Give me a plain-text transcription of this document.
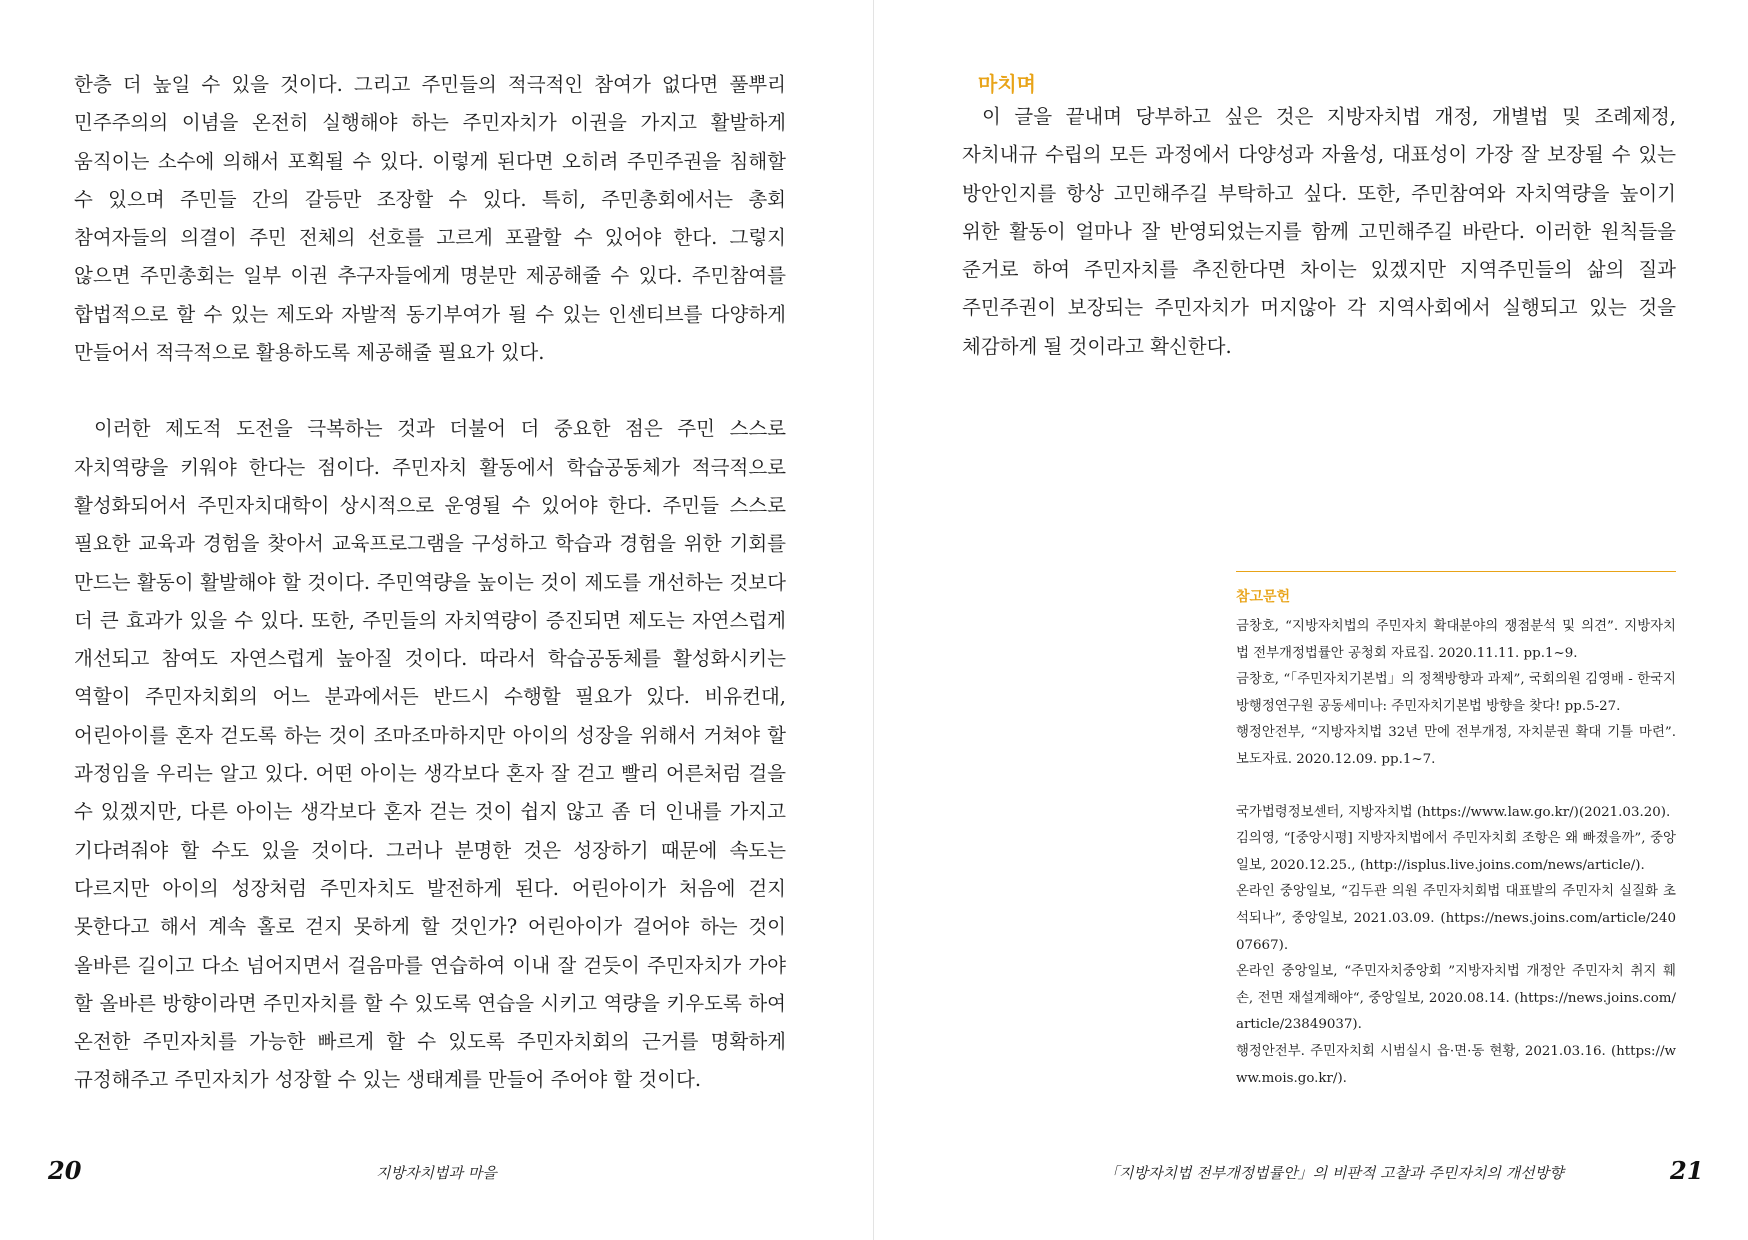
한층 더 높일 수 있을 것이다. 그리고 주민들의 적극적인 참여가 없다면 풀뿌리 민주주의의 이념을 온전히 실행해야 하는 주민자치가 이권을 가지고 활발하게 움직이는 소수에 의해서 포획될 수 있다. 이렇게 된다면 오히려 주민주권을 침해할 수 있으며 주민들 간의 갈등만 조장할 수 있다. 특히, 주민총회에서는 총회 참여자들의 의결이 주민 전체의 선호를 고르게 포괄할 수 있어야 한다. 그렇지 않으면 주민총회는 일부 이권 추구자들에게 명분만 제공해줄 수 있다. 주민참여를 합법적으로 할 수 있는 제도와 자발적 동기부여가 될 수 있는 인센티브를 다양하게 만들어서 적극적으로 활용하도록 제공해줄 필요가 있다.

이러한 제도적 도전을 극복하는 것과 더불어 더 중요한 점은 주민 스스로 자치역량을 키워야 한다는 점이다. 주민자치 활동에서 학습공동체가 적극적으로 활성화되어서 주민자치대학이 상시적으로 운영될 수 있어야 한다. 주민들 스스로 필요한 교육과 경험을 찾아서 교육프로그램을 구성하고 학습과 경험을 위한 기회를 만드는 활동이 활발해야 할 것이다. 주민역량을 높이는 것이 제도를 개선하는 것보다 더 큰 효과가 있을 수 있다. 또한, 주민들의 자치역량이 증진되면 제도는 자연스럽게 개선되고 참여도 자연스럽게 높아질 것이다. 따라서 학습공동체를 활성화시키는 역할이 주민자치회의 어느 분과에서든 반드시 수행할 필요가 있다. 비유컨대, 어린아이를 혼자 걷도록 하는 것이 조마조마하지만 아이의 성장을 위해서 거쳐야 할 과정임을 우리는 알고 있다. 어떤 아이는 생각보다 혼자 잘 걷고 빨리 어른처럼 걸을 수 있겠지만, 다른 아이는 생각보다 혼자 걷는 것이 쉽지 않고 좀 더 인내를 가지고 기다려줘야 할 수도 있을 것이다. 그러나 분명한 것은 성장하기 때문에 속도는 다르지만 아이의 성장처럼 주민자치도 발전하게 된다. 어린아이가 처음에 걷지 못한다고 해서 계속 홀로 걷지 못하게 할 것인가? 어린아이가 걸어야 하는 것이 올바른 길이고 다소 넘어지면서 걸음마를 연습하여 이내 잘 걷듯이 주민자치가 가야 할 올바른 방향이라면 주민자치를 할 수 있도록 연습을 시키고 역량을 키우도록 하여 온전한 주민자치를 가능한 빠르게 할 수 있도록 주민자치회의 근거를 명확하게 규정해주고 주민자치가 성장할 수 있는 생태계를 만들어 주어야 할 것이다.

20	지방자치법과 마을
마치며

이 글을 끝내며 당부하고 싶은 것은 지방자치법 개정, 개별법 및 조례제정, 자치내규 수립의 모든 과정에서 다양성과 자율성, 대표성이 가장 잘 보장될 수 있는 방안인지를 항상 고민해주길 부탁하고 싶다. 또한, 주민참여와 자치역량을 높이기 위한 활동이 얼마나 잘 반영되었는지를 함께 고민해주길 바란다. 이러한 원칙들을 준거로 하여 주민자치를 추진한다면 차이는 있겠지만 지역주민들의 삶의 질과 주민주권이 보장되는 주민자치가 머지않아 각 지역사회에서 실행되고 있는 것을 체감하게 될 것이라고 확신한다.

참고문헌
금창호, “지방자치법의 주민자치 확대분야의 쟁점분석 및 의견”. 지방자치법 전부개정법률안 공청회 자료집. 2020.11.11. pp.1~9.
금창호, “「주민자치기본법」의 정책방향과 과제”, 국회의원 김영배 - 한국지방행정연구원 공동세미나: 주민자치기본법 방향을 찾다! pp.5-27.
행정안전부, “지방자치법 32년 만에 전부개정, 자치분권 확대 기틀 마련”. 보도자료. 2020.12.09. pp.1~7.
국가법령정보센터, 지방자치법 (https://www.law.go.kr/)(2021.03.20).
김의영, “[중앙시평] 지방자치법에서 주민자치회 조항은 왜 빠졌을까”, 중앙일보, 2020.12.25., (http://isplus.live.joins.com/news/article/).
온라인 중앙일보, “김두관 의원 주민자치회법 대표발의 주민자치 실질화 초석되나”, 중앙일보, 2021.03.09. (https://news.joins.com/article/24007667).
온라인 중앙일보, “주민자치중앙회 ”지방자치법 개정안 주민자치 취지 훼손, 전면 재설계해야“, 중앙일보, 2020.08.14. (https://news.joins.com/article/23849037).
행정안전부. 주민자치회 시범실시 읍·면·동 현황, 2021.03.16. (https://www.mois.go.kr/).
「지방자치법 전부개정법률안」의 비판적 고찰과 주민자치의 개선방향	21
